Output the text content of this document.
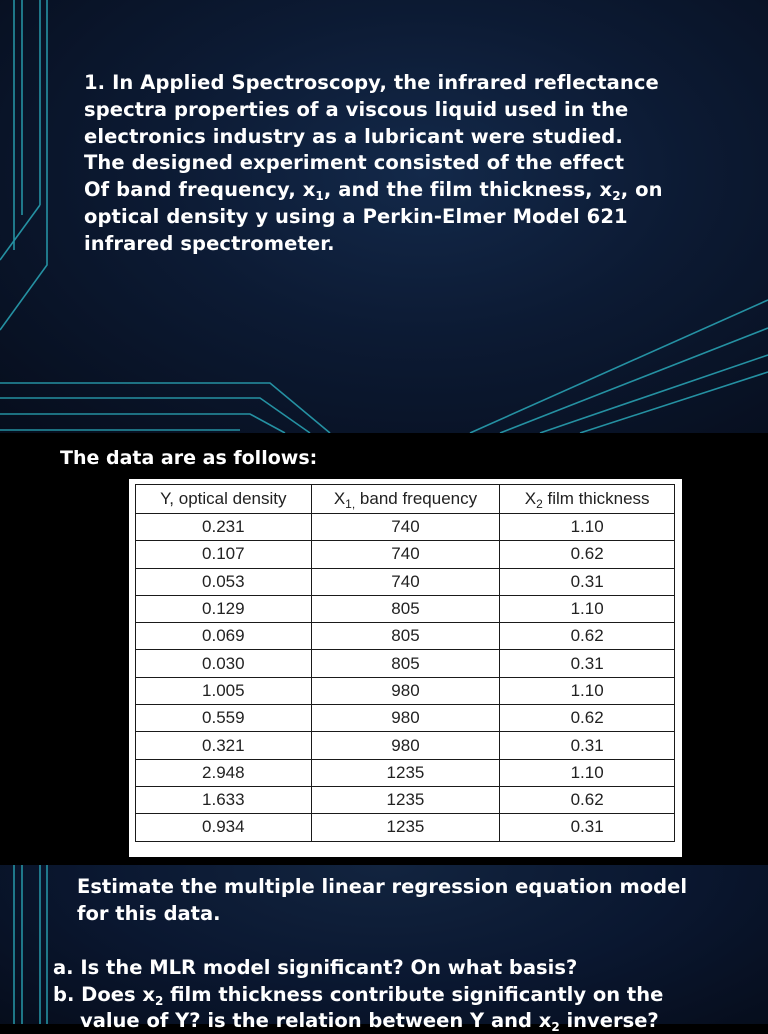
1. In Applied Spectroscopy, the infrared reflectance
spectra properties of a viscous liquid used in the
electronics industry as a lubricant were studied.
The designed experiment consisted of the effect
Of band frequency, $x_1$, and the film thickness, $x_2$, on
optical density y using a Perkin-Elmer Model 621
infrared spectrometer.
The data are as follows:
Y, optical density	$X_{1,}$ band frequency	$X_2$ film thickness
0.231	740	1.10
0.107	740	0.62
0.053	740	0.31
0.129	805	1.10
0.069	805	0.62
0.030	805	0.31
1.005	980	1.10
0.559	980	0.62
0.321	980	0.31
2.948	1235	1.10
1.633	1235	0.62
0.934	1235	0.31
Estimate the multiple linear regression equation model
for this data.
a. Is the MLR model significant? On what basis?
b. Does $x_2$ film thickness contribute significantly on the
value of Y? is the relation between Y and $x_2$ inverse?
